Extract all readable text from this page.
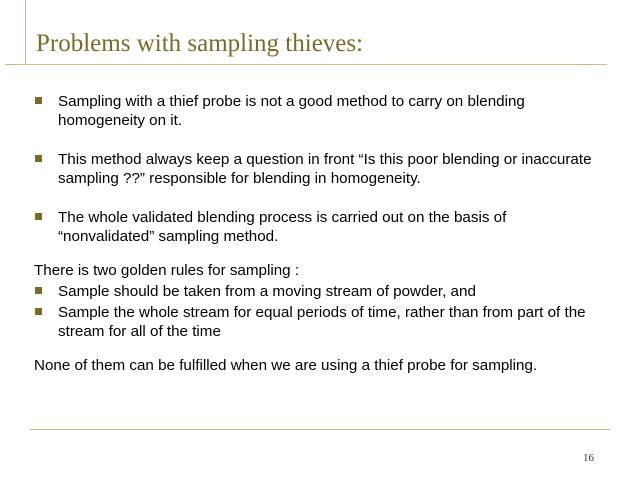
Problems with sampling thieves:
Sampling with a thief probe is not a good method to carry on blending homogeneity on it.
This method always keep a question in front “Is this poor blending or inaccurate sampling ??” responsible for blending in homogeneity.
The whole validated blending process is carried out on the basis of “nonvalidated” sampling method.

There is two golden rules for sampling :

Sample should be taken from a moving stream of powder, and
Sample the whole stream for equal periods of time, rather than from part of the stream for all of the time

None of them can be fulfilled when we are using a thief probe for sampling.

16
